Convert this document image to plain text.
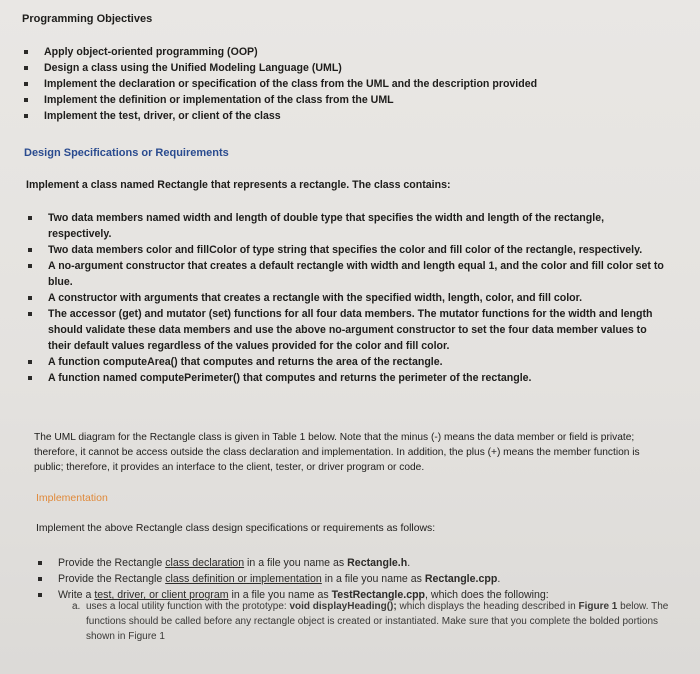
Programming Objectives
Apply object-oriented programming (OOP)
Design a class using the Unified Modeling Language (UML)
Implement the declaration or specification of the class from the UML and the description provided
Implement the definition or implementation of the class from the UML
Implement the test, driver, or client of the class
Design Specifications or Requirements
Implement a class named Rectangle that represents a rectangle. The class contains:
Two data members named width and length of double type that specifies the width and length of the rectangle, respectively.
Two data members color and fillColor of type string that specifies the color and fill color of the rectangle, respectively.
A no-argument constructor that creates a default rectangle with width and length equal 1, and the color and fill color set to blue.
A constructor with arguments that creates a rectangle with the specified width, length, color, and fill color.
The accessor (get) and mutator (set) functions for all four data members. The mutator functions for the width and length should validate these data members and use the above no-argument constructor to set the four data member values to their default values regardless of the values provided for the color and fill color.
A function computeArea() that computes and returns the area of the rectangle.
A function named computePerimeter() that computes and returns the perimeter of the rectangle.
The UML diagram for the Rectangle class is given in Table 1 below. Note that the minus (-) means the data member or field is private; therefore, it cannot be access outside the class declaration and implementation. In addition, the plus (+) means the member function is public; therefore, it provides an interface to the client, tester, or driver program or code.
Implementation
Implement the above Rectangle class design specifications or requirements as follows:
Provide the Rectangle class declaration in a file you name as Rectangle.h.
Provide the Rectangle class definition or implementation in a file you name as Rectangle.cpp.
Write a test, driver, or client program in a file you name as TestRectangle.cpp, which does the following:
a. uses a local utility function with the prototype: void displayHeading(); which displays the heading described in Figure 1 below. The functions should be called before any rectangle object is created or instantiated. Make sure that you complete the bolded portions shown in Figure 1
